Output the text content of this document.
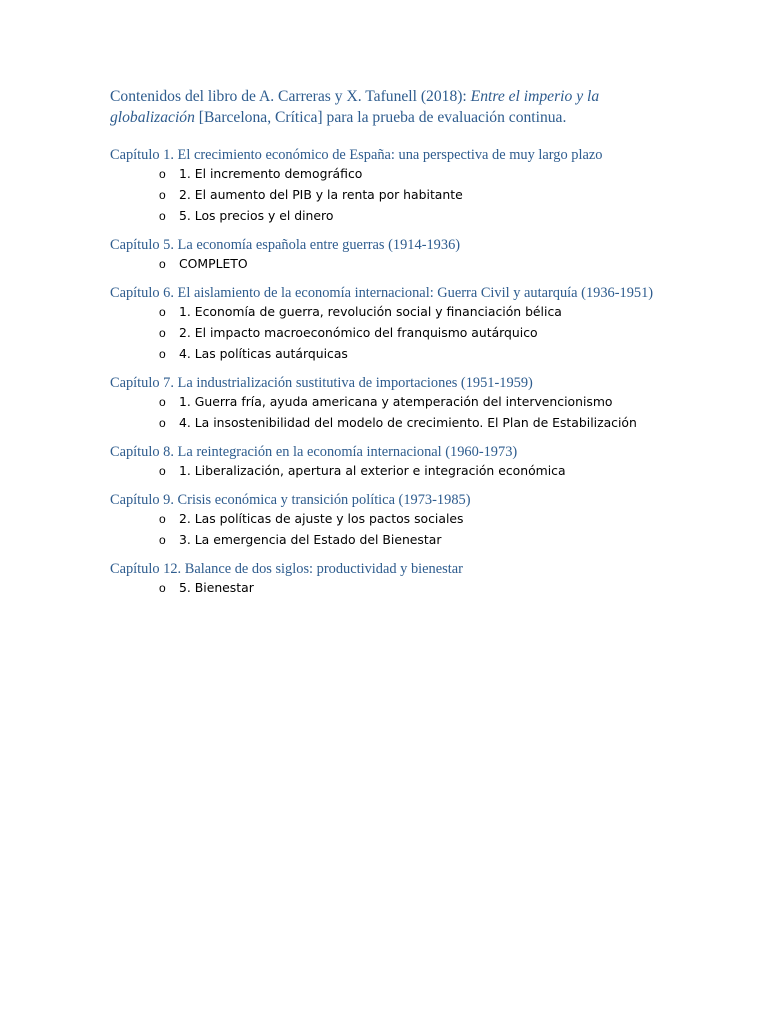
Contenidos del libro de A. Carreras y X. Tafunell (2018): Entre el imperio y la globalización [Barcelona, Crítica] para la prueba de evaluación continua.

Capítulo 1. El crecimiento económico de España: una perspectiva de muy largo plazo
o	1. El incremento demográfico
o	2. El aumento del PIB y la renta por habitante
o	5. Los precios y el dinero
Capítulo 5. La economía española entre guerras (1914-1936)
o	COMPLETO
Capítulo 6. El aislamiento de la economía internacional: Guerra Civil y autarquía (1936-1951)
o	1. Economía de guerra, revolución social y financiación bélica
o	2. El impacto macroeconómico del franquismo autárquico
o	4. Las políticas autárquicas
Capítulo 7. La industrialización sustitutiva de importaciones (1951-1959)
o	1. Guerra fría, ayuda americana y atemperación del intervencionismo
o	4. La insostenibilidad del modelo de crecimiento. El Plan de Estabilización
Capítulo 8. La reintegración en la economía internacional (1960-1973)
o	1. Liberalización, apertura al exterior e integración económica
Capítulo 9. Crisis económica y transición política (1973-1985)
o	2. Las políticas de ajuste y los pactos sociales
o	3. La emergencia del Estado del Bienestar
Capítulo 12. Balance de dos siglos: productividad y bienestar
o	5. Bienestar
